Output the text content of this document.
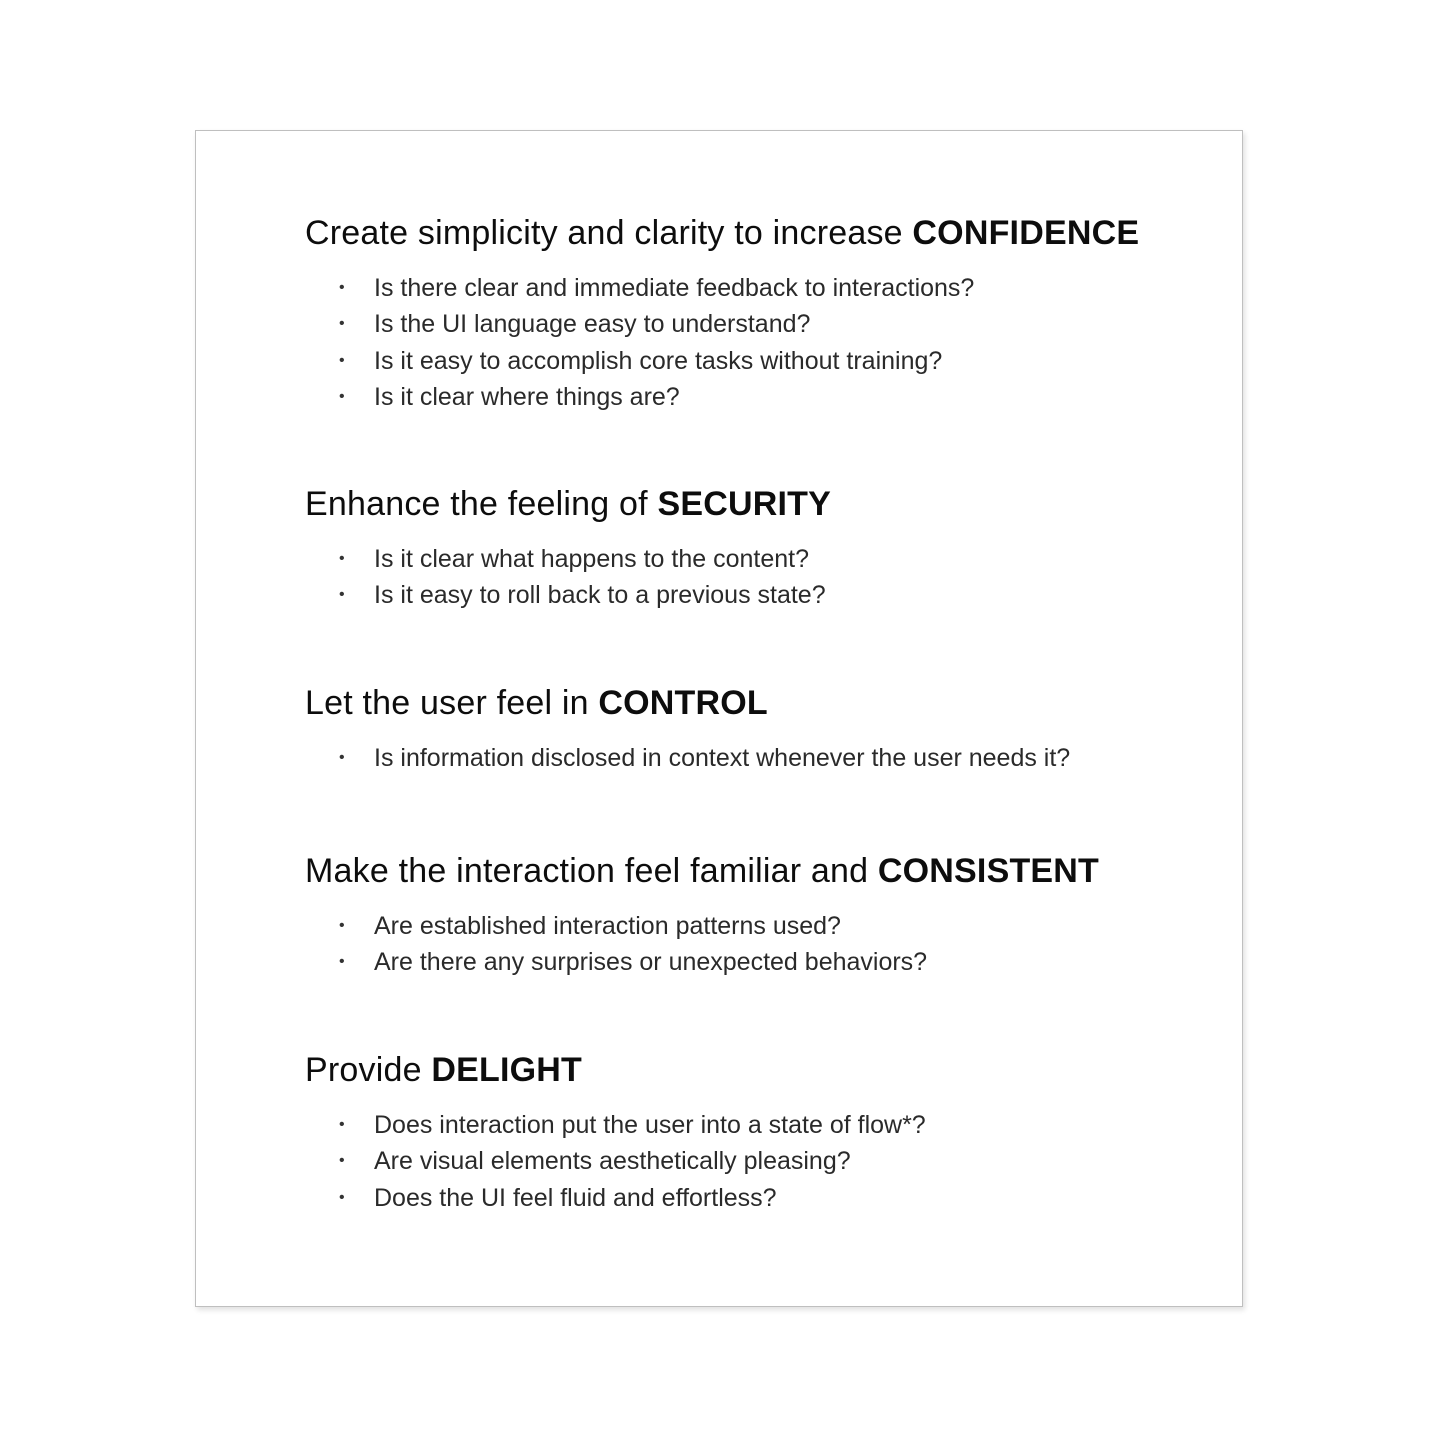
Create simplicity and clarity to increase CONFIDENCE
• Is there clear and immediate feedback to interactions?
• Is the UI language easy to understand?
• Is it easy to accomplish core tasks without training?
• Is it clear where things are?
Enhance the feeling of SECURITY
• Is it clear what happens to the content?
• Is it easy to roll back to a previous state?
Let the user feel in CONTROL
• Is information disclosed in context whenever the user needs it?
Make the interaction feel familiar and CONSISTENT
• Are established interaction patterns used?
• Are there any surprises or unexpected behaviors?
Provide DELIGHT
• Does interaction put the user into a state of flow*?
• Are visual elements aesthetically pleasing?
• Does the UI feel fluid and effortless?
